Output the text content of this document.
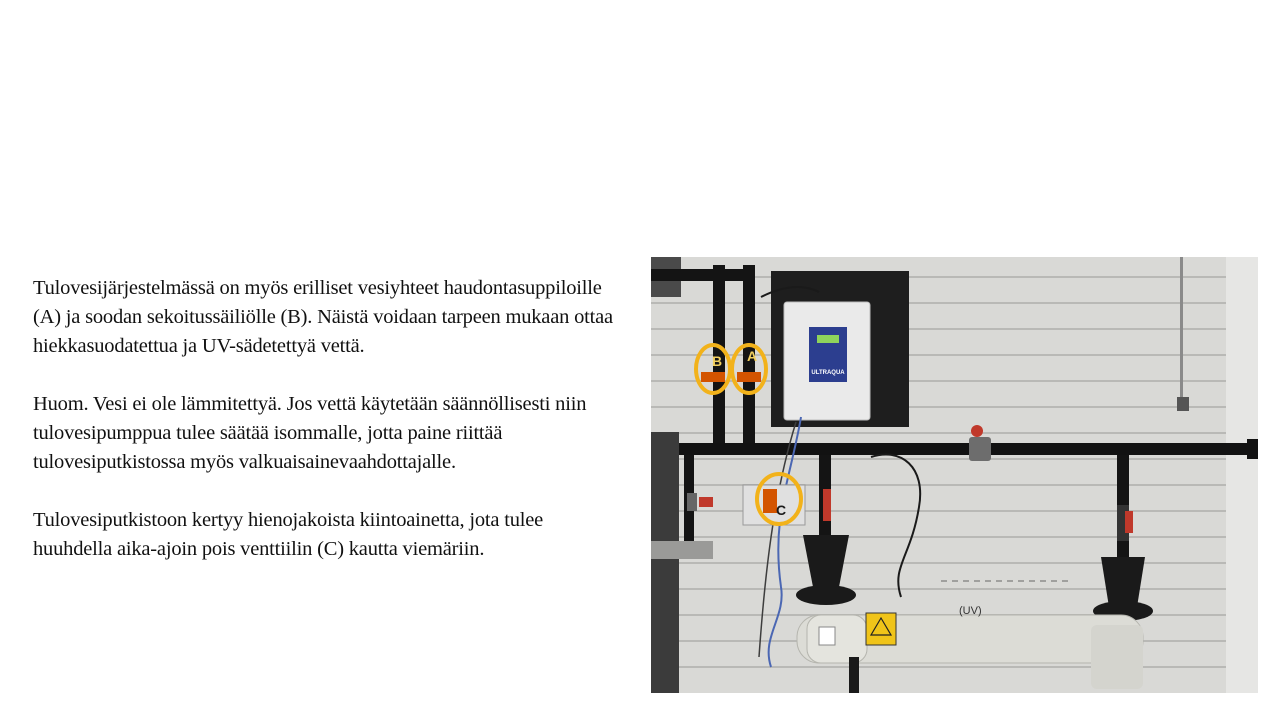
Tulovesijärjestelmässä on myös erilliset vesiyhteet haudontasuppiloille (A) ja soodan sekoitussäiliölle (B). Näistä voidaan tarpeen mukaan ottaa hiekkasuodatettua ja UV-sädetettyä vettä.

Huom. Vesi ei ole lämmitettyä. Jos vettä käytetään säännöllisesti niin tulovesipumppua tulee säätää isommalle, jotta paine riittää tulovesiputkistossa myös valkuaisainevaahdottajalle.

Tulovesiputkistoon kertyy hienojakoista kiintoainetta, jota tulee huuhdella aika-ajoin pois venttiilin (C) kautta viemäriin.

ULTRAQUA
(UV)
B A
C
